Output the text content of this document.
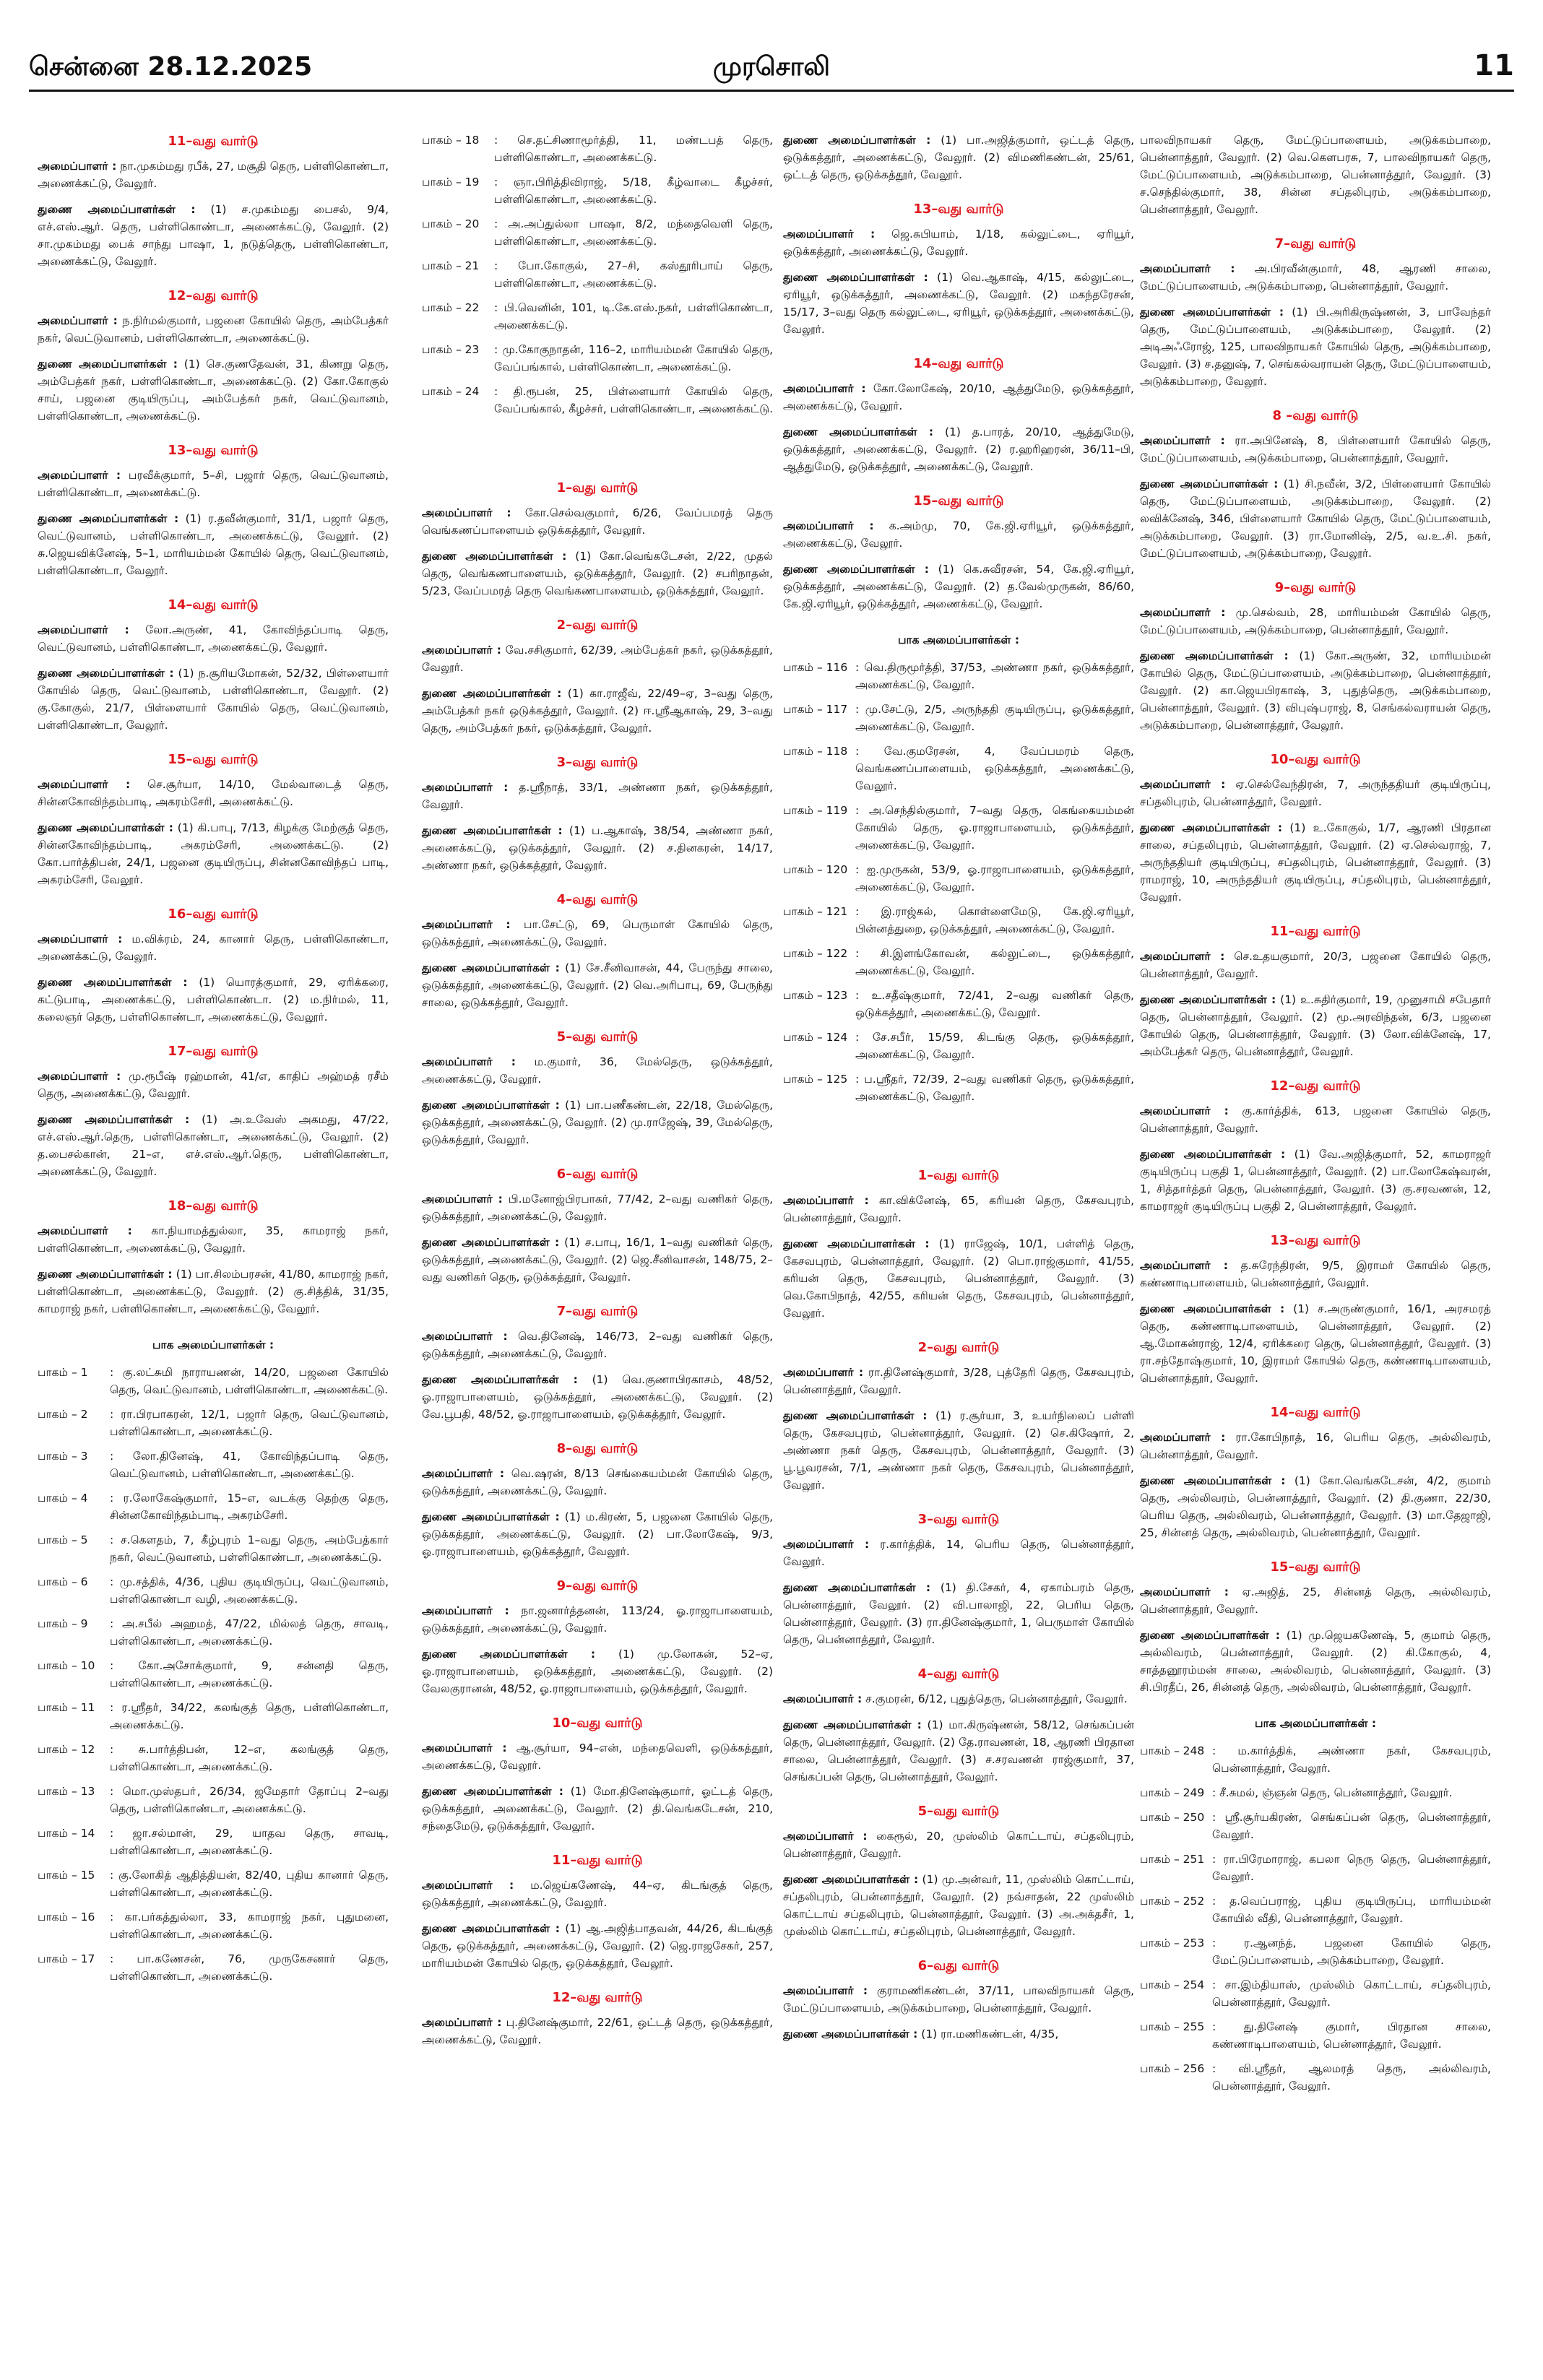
சென்னை 28.12.2025	முரசொலி	11
11–வது வார்டு
அமைப்பாளர் : நா.முகம்மது ரபீக், 27, மசூதி தெரு, பள்ளிகொண்டா, அணைக்கட்டு, வேலூர்.
துணை அமைப்பாளர்கள் : (1) ச.முகம்மது பைசல், 9/4, எச்.எஸ்.ஆர். தெரு, பள்ளிகொண்டா, அணைக்கட்டு, வேலூர். (2) சா.முகம்மது பைக் சாந்து பாஷா, 1, நடுத்தெரு, பள்ளிகொண்டா, அணைக்கட்டு, வேலூர்.
12–வது வார்டு
அமைப்பாளர் : ந.நிர்மல்குமார், பஜனை கோயில் தெரு, அம்பேத்கர் நகர், வெட்டுவானம், பள்ளிகொண்டா, அணைக்கட்டு.
துணை அமைப்பாளர்கள் : (1) செ.குணதேவன், 31, கிணறு தெரு, அம்பேத்கர் நகர், பள்ளிகொண்டா, அணைக்கட்டு. (2) கோ.கோகுல் சாய், பஜனை குடியிருப்பு, அம்பேத்கர் நகர், வெட்டுவானம், பள்ளிகொண்டா, அணைக்கட்டு.
13–வது வார்டு
அமைப்பாளர் : பரவீக்குமார், 5–சி, பஜார் தெரு, வெட்டுவானம், பள்ளிகொண்டா, அணைக்கட்டு.
துணை அமைப்பாளர்கள் : (1) ர.தவீன்குமார், 31/1, பஜார் தெரு, வெட்டுவானம், பள்ளிகொண்டா, அணைக்கட்டு, வேலூர். (2) சு.ஜெயவிக்னேஷ், 5–1, மாரியம்மன் கோயில் தெரு, வெட்டுவானம், பள்ளிகொண்டா, வேலூர்.
14–வது வார்டு
அமைப்பாளர் : லோ.அருண், 41, கோவிந்தப்பாடி தெரு, வெட்டுவானம், பள்ளிகொண்டா, அணைக்கட்டு, வேலூர்.
துணை அமைப்பாளர்கள் : (1) ந.சூரியமோகன், 52/32, பிள்ளையார் கோயில் தெரு, வெட்டுவானம், பள்ளிகொண்டா, வேலூர். (2) கு.கோகுல், 21/7, பிள்ளையார் கோயில் தெரு, வெட்டுவானம், பள்ளிகொண்டா, வேலூர்.
15–வது வார்டு
அமைப்பாளர் : செ.சூர்யா, 14/10, மேல்வாடைத் தெரு, சின்னகோவிந்தம்பாடி, அகரம்சேரி, அணைக்கட்டு.
துணை அமைப்பாளர்கள் : (1) கி.பாபு, 7/13, கிழக்கு மேற்குத் தெரு, சின்னகோவிந்தம்பாடி, அகரம்சேரி, அணைக்கட்டு. (2) கோ.பார்த்திபன், 24/1, பஜனை குடியிருப்பு, சின்னகோவிந்தப் பாடி, அகரம்சேரி, வேலூர்.
16–வது வார்டு
அமைப்பாளர் : ம.விக்ரம், 24, கானார் தெரு, பள்ளிகொண்டா, அணைக்கட்டு, வேலூர்.
துணை அமைப்பாளர்கள் : (1) யொரத்குமார், 29, ஏரிக்கரை, கட்டுபாடி, அணைக்கட்டு, பள்ளிகொண்டா. (2) ம.நிர்மல், 11, கலைஞர் தெரு, பள்ளிகொண்டா, அணைக்கட்டு, வேலூர்.
17–வது வார்டு
அமைப்பாளர் : மு.ரூபீஷ் ரஹ்மான், 41/எ, காதிப் அஹ்மத் ரசீம் தெரு, அணைக்கட்டு, வேலூர்.
துணை அமைப்பாளர்கள் : (1) அ.உவேஸ் அகமது, 47/22, எச்.எஸ்.ஆர்.தெரு, பள்ளிகொண்டா, அணைக்கட்டு, வேலூர். (2) த.பைசல்கான், 21–எ, எச்.எஸ்.ஆர்.தெரு, பள்ளிகொண்டா, அணைக்கட்டு, வேலூர்.
18–வது வார்டு
அமைப்பாளர் : கா.நியாமத்துல்லா, 35, காமராஜ் நகர், பள்ளிகொண்டா, அணைக்கட்டு, வேலூர்.
துணை அமைப்பாளர்கள் : (1) பா.சிலம்பரசன், 41/80, காமராஜ் நகர், பள்ளிகொண்டா, அணைக்கட்டு, வேலூர். (2) கு.சித்திக், 31/35, காமராஜ் நகர், பள்ளிகொண்டா, அணைக்கட்டு, வேலூர்.
பாக அமைப்பாளர்கள் :
பாகம் – 1	: கு.லட்சுமி நாராயணன், 14/20, பஜனை கோயில் தெரு, வெட்டுவானம், பள்ளிகொண்டா, அணைக்கட்டு.
பாகம் – 2	: ரா.பிரபாகரன், 12/1, பஜார் தெரு, வெட்டுவானம், பள்ளிகொண்டா, அணைக்கட்டு.
பாகம் – 3	: லோ.தினேஷ், 41, கோவிந்தப்பாடி தெரு, வெட்டுவானம், பள்ளிகொண்டா, அணைக்கட்டு.
பாகம் – 4	: ர.லோகேஷ்குமார், 15–எ, வடக்கு தெற்கு தெரு, சின்னகோவிந்தம்பாடி, அகரம்சேரி.
பாகம் – 5	: ச.கௌதம், 7, கீழ்புரம் 1–வது தெரு, அம்பேத்கார் நகர், வெட்டுவானம், பள்ளிகொண்டா, அணைக்கட்டு.
பாகம் – 6	: மு.சத்திக், 4/36, புதிய குடியிருப்பு, வெட்டுவானம், பள்ளிகொண்டா வழி, அணைக்கட்டு.
பாகம் – 9	: அ.சபீல் அஹமத், 47/22, மில்லத் தெரு, சாவடி, பள்ளிகொண்டா, அணைக்கட்டு.
பாகம் – 10	: கோ.அசோக்குமார், 9, சன்னதி தெரு, பள்ளிகொண்டா, அணைக்கட்டு.
பாகம் – 11	: ர.ஸ்ரீதர், 34/22, கலங்குத் தெரு, பள்ளிகொண்டா, அணைக்கட்டு.
பாகம் – 12	: சு.பார்த்திபன், 12–எ, கலங்குத் தெரு, பள்ளிகொண்டா, அணைக்கட்டு.
பாகம் – 13	: மொ.முஸ்தபா், 26/34, ஜமேதார் தோப்பு 2–வது தெரு, பள்ளிகொண்டா, அணைக்கட்டு.
பாகம் – 14	: ஜா.சல்மான், 29, யாதவ தெரு, சாவடி, பள்ளிகொண்டா, அணைக்கட்டு.
பாகம் – 15	: கு.லோகித் ஆதித்தியன், 82/40, புதிய கானார் தெரு, பள்ளிகொண்டா, அணைக்கட்டு.
பாகம் – 16	: கா.பர்கத்துல்லா, 33, காமராஜ் நகர், புதுமனை, பள்ளிகொண்டா, அணைக்கட்டு.
பாகம் – 17	: பா.கணேசன், 76, முருகேசனார் தெரு, பள்ளிகொண்டா, அணைக்கட்டு.
பாகம் – 18	: செ.தட்சிணாமூர்த்தி, 11, மண்டபத் தெரு, பள்ளிகொண்டா, அணைக்கட்டு.
பாகம் – 19	: ஞா.பிரித்திவிராஜ், 5/18, கீழ்வாடை கீழச்சர், பள்ளிகொண்டா, அணைக்கட்டு.
பாகம் – 20	: அ.அப்துல்லா பாஷா, 8/2, மந்தைவெளி தெரு, பள்ளிகொண்டா, அணைக்கட்டு.
பாகம் – 21	: போ.கோகுல், 27–சி, கஸ்தூரிபாய் தெரு, பள்ளிகொண்டா, அணைக்கட்டு.
பாகம் – 22	: பி.வெனின், 101, டி.கே.எஸ்.நகர், பள்ளிகொண்டா, அணைக்கட்டு.
பாகம் – 23	: மு.கோகுநாதன், 116–2, மாரியம்மன் கோயில் தெரு, வேப்பங்கால், பள்ளிகொண்டா, அணைக்கட்டு.
பாகம் – 24	: தி.ரூபன், 25, பிள்ளையார் கோயில் தெரு, வேப்பங்கால், கீழச்சர், பள்ளிகொண்டா, அணைக்கட்டு.
1–வது வார்டு
அமைப்பாளர் : கோ.செல்வகுமார், 6/26, வேப்பமரத் தெரு வெங்கணப்பாளையம் ஒடுக்கத்தூர், வேலூர்.
துணை அமைப்பாளர்கள் : (1) கோ.வெங்கடேசன், 2/22, முதல் தெரு, வெங்கணபாளையம், ஒடுக்கத்தூர், வேலூர். (2) சபரிநாதன், 5/23, வேப்பமரத் தெரு வெங்கணபாளையம், ஒடுக்கத்தூர், வேலூர்.
2–வது வார்டு
அமைப்பாளர் : வே.சசிகுமார், 62/39, அம்பேத்கர் நகர், ஒடுக்கத்தூர், வேலூர்.
துணை அமைப்பாளர்கள் : (1) கா.ராஜீவ், 22/49–ஏ, 3–வது தெரு, அம்பேத்கர் நகர் ஒடுக்கத்தூர், வேலூர். (2) ஈ.ஸ்ரீஆகாஷ், 29, 3–வது தெரு, அம்பேத்கர் நகர், ஒடுக்கத்தூர், வேலூர்.
3–வது வார்டு
அமைப்பாளர் : த.ஸ்ரீநாத், 33/1, அண்ணா நகர், ஒடுக்கத்தூர், வேலூர்.
துணை அமைப்பாளர்கள் : (1) ப.ஆகாஷ், 38/54, அண்ணா நகர், அணைக்கட்டு, ஒடுக்கத்தூர், வேலூர். (2) ச.தினகரன், 14/17, அண்ணா நகர், ஒடுக்கத்தூர், வேலூர்.
4–வது வார்டு
அமைப்பாளர் : பா.சேட்டு, 69, பெருமாள் கோயில் தெரு, ஒடுக்கத்தூர், அணைக்கட்டு, வேலூர்.
துணை அமைப்பாளர்கள் : (1) சே.சீனிவாசன், 44, பேருந்து சாலை, ஒடுக்கத்தூர், அணைக்கட்டு, வேலூர். (2) வெ.அரிபாபு, 69, பேருந்து சாலை, ஒடுக்கத்தூர், வேலூர்.
5–வது வார்டு
அமைப்பாளர் : ம.குமார், 36, மேல்தெரு, ஒடுக்கத்தூர், அணைக்கட்டு, வேலூர்.
துணை அமைப்பாளர்கள் : (1) பா.பணீகண்டன், 22/18, மேல்தெரு, ஒடுக்கத்தூர், அணைக்கட்டு, வேலூர். (2) மு.ராஜேஷ், 39, மேல்தெரு, ஒடுக்கத்தூர், வேலூர்.
6–வது வார்டு
அமைப்பாளர் : பி.மனோஜ்பிரபாகர், 77/42, 2–வது வணிகர் தெரு, ஒடுக்கத்தூர், அணைக்கட்டு, வேலூர்.
துணை அமைப்பாளர்கள் : (1) ச.பாபு, 16/1, 1–வது வணிகர் தெரு, ஒடுக்கத்தூர், அணைக்கட்டு, வேலூர். (2) ஜெ.சீனிவாசன், 148/75, 2–வது வணிகர் தெரு, ஒடுக்கத்தூர், வேலூர்.
7–வது வார்டு
அமைப்பாளர் : வெ.தினேஷ், 146/73, 2–வது வணிகர் தெரு, ஒடுக்கத்தூர், அணைக்கட்டு, வேலூர்.
துணை அமைப்பாளர்கள் : (1) வெ.குணாபிரகாசம், 48/52, ஓ.ராஜாபாளையம், ஒடுக்கத்தூர், அணைக்கட்டு, வேலூர். (2) வே.பூபதி, 48/52, ஓ.ராஜாபாளையம், ஒடுக்கத்தூர், வேலூர்.
8–வது வார்டு
அமைப்பாளர் : வெ.ஷரன், 8/13 செங்கையம்மன் கோயில் தெரு, ஒடுக்கத்தூர், அணைக்கட்டு, வேலூர்.
துணை அமைப்பாளர்கள் : (1) ம.கிரண், 5, பஜனை கோயில் தெரு, ஒடுக்கத்தூர், அணைக்கட்டு, வேலூர். (2) பா.லோகேஷ், 9/3, ஓ.ராஜாபாளையம், ஒடுக்கத்தூர், வேலூர்.
9–வது வார்டு
அமைப்பாளர் : நா.ஜனார்த்தனன், 113/24, ஓ.ராஜாபாளையம், ஒடுக்கத்தூர், அணைக்கட்டு, வேலூர்.
துணை அமைப்பாளர்கள் : (1) மு.லோகன், 52–ஏ, ஓ.ராஜாபாளையம், ஒடுக்கத்தூர், அணைக்கட்டு, வேலூர். (2) வேலகுரானன், 48/52, ஓ.ராஜாபாளையம், ஒடுக்கத்தூர், வேலூர்.
10–வது வார்டு
அமைப்பாளர் : ஆ.சூர்யா, 94–என், மந்தைவெளி, ஒடுக்கத்தூர், அணைக்கட்டு, வேலூர்.
துணை அமைப்பாளர்கள் : (1) மோ.தினேஷ்குமார், ஓட்டத் தெரு, ஒடுக்கத்தூர், அணைக்கட்டு, வேலூர். (2) தி.வெங்கடேசன், 210, சந்தைமேடு, ஒடுக்கத்தூர், வேலூர்.
11–வது வார்டு
அமைப்பாளர் : ம.ஜெய்கணேஷ், 44–ஏ, கிடங்குத் தெரு, ஒடுக்கத்தூர், அணைக்கட்டு, வேலூர்.
துணை அமைப்பாளர்கள் : (1) ஆ.அஜித்பாதவன், 44/26, கிடங்குத் தெரு, ஒடுக்கத்தூர், அணைக்கட்டு, வேலூர். (2) ஜெ.ராஜசேகர், 257, மாரியம்மன் கோயில் தெரு, ஒடுக்கத்தூர், வேலூர்.
12–வது வார்டு
அமைப்பாளர் : பு.தினேஷ்குமார், 22/61, ஒட்டத் தெரு, ஒடுக்கத்தூர், அணைக்கட்டு, வேலூர்.
துணை அமைப்பாளர்கள் : (1) பா.அஜித்குமார், ஒட்டத் தெரு, ஒடுக்கத்தூர், அணைக்கட்டு, வேலூர். (2) விமணிகண்டன், 25/61, ஒட்டத் தெரு, ஒடுக்கத்தூர், வேலூர்.
13–வது வார்டு
அமைப்பாளர் : ஜெ.சுபியாம், 1/18, கல்லுட்டை, ஏரியூர், ஒடுக்கத்தூர், அணைக்கட்டு, வேலூர்.
துணை அமைப்பாளர்கள் : (1) வெ.ஆகாஷ், 4/15, கல்லுட்டை, ஏரியூர், ஒடுக்கத்தூர், அணைக்கட்டு, வேலூர். (2) மகந்தரேசன், 15/17, 3–வது தெரு கல்லுட்டை, ஏரியூர், ஒடுக்கத்தூர், அணைக்கட்டு, வேலூர்.
14–வது வார்டு
அமைப்பாளர் : கோ.லோகேஷ், 20/10, ஆத்துமேடு, ஒடுக்கத்தூர், அணைக்கட்டு, வேலூர்.
துணை அமைப்பாளர்கள் : (1) த.பாரத், 20/10, ஆத்துமேடு, ஒடுக்கத்தூர், அணைக்கட்டு, வேலூர். (2) ர.ஹரிஹரன், 36/11–பி, ஆத்துமேடு, ஒடுக்கத்தூர், அணைக்கட்டு, வேலூர்.
15–வது வார்டு
அமைப்பாளர் : க.அம்மு, 70, கே.ஜி.ஏரியூர், ஒடுக்கத்தூர், அணைக்கட்டு, வேலூர்.
துணை அமைப்பாளர்கள் : (1) கெ.சுவீரசன், 54, கே.ஜி.ஏரியூர், ஒடுக்கத்தூர், அணைக்கட்டு, வேலூர். (2) த.வேல்முருகன், 86/60, கே.ஜி.ஏரியூர், ஒடுக்கத்தூர், அணைக்கட்டு, வேலூர்.
பாக அமைப்பாளர்கள் :
பாகம் – 116 : வெ.திருமூர்த்தி, 37/53, அண்ணா நகர், ஒடுக்கத்தூர், அணைக்கட்டு, வேலூர்.
பாகம் – 117 : மு.சேட்டு, 2/5, அருந்ததி குடியிருப்பு, ஒடுக்கத்தூர், அணைக்கட்டு, வேலூர்.
பாகம் – 118 : வே.குமரேசன், 4, வேப்பமரம் தெரு, வெங்கணப்பாளையம், ஒடுக்கத்தூர், அணைக்கட்டு, வேலூர்.
பாகம் – 119 : அ.செந்தில்குமார், 7–வது தெரு, கெங்கையம்மன் கோயில் தெரு, ஓ.ராஜாபாளையம், ஒடுக்கத்தூர், அணைக்கட்டு, வேலூர்.
பாகம் – 120 : ஐ.முருகன், 53/9, ஓ.ராஜாபாளையம், ஒடுக்கத்தூர், அணைக்கட்டு, வேலூர்.
பாகம் – 121 : இ.ராஜ்கல், கொள்ளைமேடு, கே.ஜி.ஏரியூர், பின்னத்துறை, ஒடுக்கத்தூர், அணைக்கட்டு, வேலூர்.
பாகம் – 122 : சி.இளங்கோவன், கல்லுட்டை, ஒடுக்கத்தூர், அணைக்கட்டு, வேலூர்.
பாகம் – 123 : உ.சதீஷ்குமார், 72/41, 2–வது வணிகர் தெரு, ஒடுக்கத்தூர், அணைக்கட்டு, வேலூர்.
பாகம் – 124 : சே.சபீர், 15/59, கிடங்கு தெரு, ஒடுக்கத்தூர், அணைக்கட்டு, வேலூர்.
பாகம் – 125 : ப.ஸ்ரீதர், 72/39, 2–வது வணிகர் தெரு, ஒடுக்கத்தூர், அணைக்கட்டு, வேலூர்.
1–வது வார்டு
அமைப்பாளர் : கா.விக்னேஷ், 65, கரியன் தெரு, கேசவபுரம், பென்னாத்தூர், வேலூர்.
துணை அமைப்பாளர்கள் : (1) ராஜேஷ், 10/1, பள்ளித் தெரு, கேசவபுரம், பென்னாத்தூர், வேலூர். (2) பொ.ராஜ்குமார், 41/55, கரியன் தெரு, கேசவபுரம், பென்னாத்தூர், வேலூர். (3) வெ.கோபிநாத், 42/55, கரியன் தெரு, கேசவபுரம், பென்னாத்தூர், வேலூர்.
2–வது வார்டு
அமைப்பாளர் : ரா.தினேஷ்குமார், 3/28, புத்தேரி தெரு, கேசவபுரம், பென்னாத்தூர், வேலூர்.
துணை அமைப்பாளர்கள் : (1) ர.சூர்யா, 3, உயர்நிலைப் பள்ளி தெரு, கேசவபுரம், பென்னாத்தூர், வேலூர். (2) செ.கிஷோர், 2, அண்ணா நகர் தெரு, கேசவபுரம், பென்னாத்தூர், வேலூர். (3) பூ.பூவரசன், 7/1, அண்ணா நகர் தெரு, கேசவபுரம், பென்னாத்தூர், வேலூர்.
3–வது வார்டு
அமைப்பாளர் : ர.கார்த்திக், 14, பெரிய தெரு, பென்னாத்தூர், வேலூர்.
துணை அமைப்பாளர்கள் : (1) தி.சேகர், 4, ஏகாம்பரம் தெரு, பென்னாத்தூர், வேலூர். (2) வி.பாலாஜி, 22, பெரிய தெரு, பென்னாத்தூர், வேலூர். (3) ரா.தினேஷ்குமார், 1, பெருமாள் கோயில் தெரு, பென்னாத்தூர், வேலூர்.
4–வது வார்டு
அமைப்பாளர் : ச.குமரன், 6/12, புதுத்தெரு, பென்னாத்தூர், வேலூர்.
துணை அமைப்பாளர்கள் : (1) மா.கிருஷ்ணன், 58/12, செங்கப்பன் தெரு, பென்னாத்தூர், வேலூர். (2) தே.ராவணன், 18, ஆரணி பிரதான சாலை, பென்னாத்தூர், வேலூர். (3) ச.சரவணன் ராஜ்குமார், 37, செங்கப்பன் தெரு, பென்னாத்தூர், வேலூர்.
5–வது வார்டு
அமைப்பாளர் : கைரூல், 20, முஸ்லிம் கொட்டாய், சப்தலிபுரம், பென்னாத்தூர், வேலூர்.
துணை அமைப்பாளர்கள் : (1) மு.அன்வர், 11, முஸ்லிம் கொட்டாய், சப்தலிபுரம், பென்னாத்தூர், வேலூர். (2) நவ்சாதன், 22 முஸ்லிம் கொட்டாய் சப்தலிபுரம், பென்னாத்தூர், வேலூர். (3) அ.அக்தசீர், 1, முஸ்லிம் கொட்டாய், சப்தலிபுரம், பென்னாத்தூர், வேலூர்.
6–வது வார்டு
அமைப்பாளர் : குராமணிகண்டன், 37/11, பாலவிநாயகர் தெரு, மேட்டுப்பாளையம், அடுக்கம்பாறை, பென்னாத்தூர், வேலூர்.
துணை அமைப்பாளர்கள் : (1) ரா.மணிகண்டன், 4/35,
பாலவிநாயகர் தெரு, மேட்டுப்பாளையம், அடுக்கம்பாறை, பென்னாத்தூர், வேலூர். (2) வெ.கௌபரசு, 7, பாலவிநாயகர் தெரு, மேட்டுப்பாளையம், அடுக்கம்பாறை, பென்னாத்தூர், வேலூர். (3) ச.செந்தில்குமார், 38, சின்ன சப்தலிபுரம், அடுக்கம்பாறை, பென்னாத்தூர், வேலூர்.
7–வது வார்டு
அமைப்பாளர் : அ.பிரவீன்குமார், 48, ஆரணி சாலை, மேட்டுப்பாளையம், அடுக்கம்பாறை, பென்னாத்தூர், வேலூர்.
துணை அமைப்பாளர்கள் : (1) பி.அரிகிருஷ்ணன், 3, பாவேந்தர் தெரு, மேட்டுப்பாளையம், அடுக்கம்பாறை, வேலூர். (2) அடிஅஃரோஜ், 125, பாலவிநாயகர் கோயில் தெரு, அடுக்கம்பாறை, வேலூர். (3) ச.தனுஷ், 7, செங்கல்வராயன் தெரு, மேட்டுப்பாளையம், அடுக்கம்பாறை, வேலூர்.
8 –வது வார்டு
அமைப்பாளர் : ரா.அபினேஷ், 8, பிள்ளையார் கோயில் தெரு, மேட்டுப்பாளையம், அடுக்கம்பாறை, பென்னாத்தூர், வேலூர்.
துணை அமைப்பாளர்கள் : (1) சி.நவீன், 3/2, பிள்ளையார் கோயில் தெரு, மேட்டுப்பாளையம், அடுக்கம்பாறை, வேலூர். (2) லவிக்னேஷ், 346, பிள்ளையார் கோயில் தெரு, மேட்டுப்பாளையம், அடுக்கம்பாறை, வேலூர். (3) ரா.மோனிஷ், 2/5, வ.உ.சி. நகர், மேட்டுப்பாளையம், அடுக்கம்பாறை, வேலூர்.
9–வது வார்டு
அமைப்பாளர் : மு.செல்வம், 28, மாரியம்மன் கோயில் தெரு, மேட்டுப்பாளையம், அடுக்கம்பாறை, பென்னாத்தூர், வேலூர்.
துணை அமைப்பாளர்கள் : (1) கோ.அருண், 32, மாரியம்மன் கோயில் தெரு, மேட்டுப்பாளையம், அடுக்கம்பாறை, பென்னாத்தூர், வேலூர். (2) கா.ஜெயபிரகாஷ், 3, புதுத்தெரு, அடுக்கம்பாறை, பென்னாத்தூர், வேலூர். (3) விபுஷ்பராஜ், 8, செங்கல்வராயன் தெரு, அடுக்கம்பாறை, பென்னாத்தூர், வேலூர்.
10–வது வார்டு
அமைப்பாளர் : ஏ.செல்வேந்திரன், 7, அருந்ததியர் குடியிருப்பு, சப்தலிபுரம், பென்னாத்தூர், வேலூர்.
துணை அமைப்பாளர்கள் : (1) உ.கோகுல், 1/7, ஆரணி பிரதான சாலை, சப்தலிபுரம், பென்னாத்தூர், வேலூர். (2) ஏ.செல்வராஜ், 7, அருந்ததியர் குடியிருப்பு, சப்தலிபுரம், பென்னாத்தூர், வேலூர். (3) ராமராஜ், 10, அருந்ததியர் குடியிருப்பு, சப்தலிபுரம், பென்னாத்தூர், வேலூர்.
11–வது வார்டு
அமைப்பாளர் : செ.உதயகுமார், 20/3, பஜனை கோயில் தெரு, பென்னாத்தூர், வேலூர்.
துணை அமைப்பாளர்கள் : (1) உ.சுதிர்குமார், 19, முனுசாமி சபேதார் தெரு, பென்னாத்தூர், வேலூர். (2) மூ.அரவிந்தன், 6/3, பஜனை கோயில் தெரு, பென்னாத்தூர், வேலூர். (3) லோ.விக்னேஷ், 17, அம்பேத்கர் தெரு, பென்னாத்தூர், வேலூர்.
12–வது வார்டு
அமைப்பாளர் : கு.கார்த்திக், 613, பஜனை கோயில் தெரு, பென்னாத்தூர், வேலூர்.
துணை அமைப்பாளர்கள் : (1) வே.அஜித்குமார், 52, காமராஜர் குடியிருப்பு பகுதி 1, பென்னாத்தூர், வேலூர். (2) பா.லோகேஷ்வரன், 1, சித்தார்த்தர் தெரு, பென்னாத்தூர், வேலூர். (3) கு.சரவணன், 12, காமராஜர் குடியிருப்பு பகுதி 2, பென்னாத்தூர், வேலூர்.
13–வது வார்டு
அமைப்பாளர் : த.சுரேந்திரன், 9/5, இராமர் கோயில் தெரு, கண்ணாடிபாளையம், பென்னாத்தூர், வேலூர்.
துணை அமைப்பாளர்கள் : (1) ச.அருண்குமார், 16/1, அரசமரத் தெரு, கண்ணாடிபாளையம், பென்னாத்தூர், வேலூர். (2) ஆ.மோகன்ராஜ், 12/4, ஏரிக்கரை தெரு, பென்னாத்தூர், வேலூர். (3) ரா.சந்தோஷ்குமார், 10, இராமர் கோயில் தெரு, கண்ணாடிபாளையம், பென்னாத்தூர், வேலூர்.
14–வது வார்டு
அமைப்பாளர் : ரா.கோபிநாத், 16, பெரிய தெரு, அல்லிவரம், பென்னாத்தூர், வேலூர்.
துணை அமைப்பாளர்கள் : (1) கோ.வெங்கடேசன், 4/2, குமாம் தெரு, அல்லிவரம், பென்னாத்தூர், வேலூர். (2) தி.குணா, 22/30, பெரிய தெரு, அல்லிவரம், பென்னாத்தூர், வேலூர். (3) மா.தேஜாஜி, 25, சின்னத் தெரு, அல்லிவரம், பென்னாத்தூர், வேலூர்.
15–வது வார்டு
அமைப்பாளர் : ஏ.அஜித், 25, சின்னத் தெரு, அல்லிவரம், பென்னாத்தூர், வேலூர்.
துணை அமைப்பாளர்கள் : (1) மு.ஜெயகணேஷ், 5, குமாம் தெரு, அல்லிவரம், பென்னாத்தூர், வேலூர். (2) கி.கோகுல், 4, சாத்தனூரம்மன் சாலை, அல்லிவரம், பென்னாத்தூர், வேலூர். (3) சி.பிரதீப், 26, சின்னத் தெரு, அல்லிவரம், பென்னாத்தூர், வேலூர்.
பாக அமைப்பாளர்கள் :
பாகம் – 248 : ம.கார்த்திக், அண்ணா நகர், கேசவபுரம், பென்னாத்தூர், வேலூர்.
பாகம் – 249 : சீ.சுமல், ஞ்ஞன் தெரு, பென்னாத்தூர், வேலூர்.
பாகம் – 250 : ஸ்ரீ.சூர்யகிரண், செங்கப்பன் தெரு, பென்னாத்தூர், வேலூர்.
பாகம் – 251 : ரா.பிரேமாராஜ், கபலா நெரு தெரு, பென்னாத்தூர், வேலூர்.
பாகம் – 252 : த.வெப்பராஜ், புதிய குடியிருப்பு, மாரியம்மன் கோயில் வீதி, பென்னாத்தூர், வேலூர்.
பாகம் – 253 : ர.ஆனந்த், பஜனை கோயில் தெரு, மேட்டுப்பாளையம், அடுக்கம்பாறை, வேலூர்.
பாகம் – 254 : சா.இம்தியாஸ், முஸ்லிம் கொட்டாய், சப்தலிபுரம், பென்னாத்தூர், வேலூர்.
பாகம் – 255 : து.தினேஷ் குமார், பிரதான சாலை, கண்ணாடிபாளையம், பென்னாத்தூர், வேலூர்.
பாகம் – 256 : வி.ஸ்ரீதர், ஆலமரத் தெரு, அல்லிவரம், பென்னாத்தூர், வேலூர்.
